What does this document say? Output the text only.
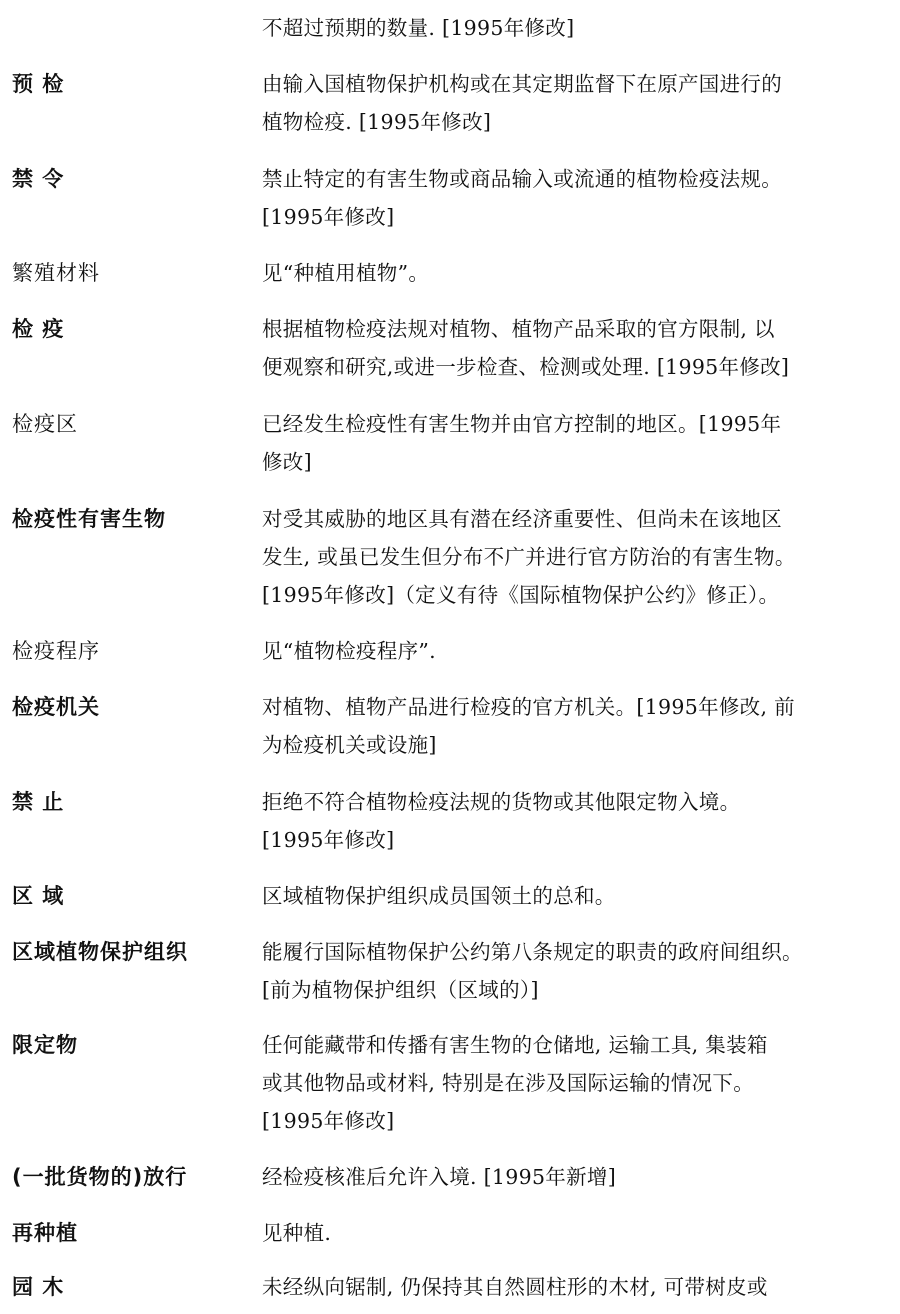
不超过预期的数量. [1995年修改]
预 检	由输入国植物保护机构或在其定期监督下在原产国进行的
植物检疫. [1995年修改]
禁 令	禁止特定的有害生物或商品输入或流通的植物检疫法规。
[1995年修改]
繁殖材料	见“种植用植物”。
检 疫	根据植物检疫法规对植物、植物产品采取的官方限制, 以
便观察和研究,或进一步检查、检测或处理. [1995年修改]
检疫区	已经发生检疫性有害生物并由官方控制的地区。[1995年
修改]
检疫性有害生物	对受其威胁的地区具有潜在经济重要性、但尚未在该地区
发生, 或虽已发生但分布不广并进行官方防治的有害生物。
[1995年修改]（定义有待《国际植物保护公约》修正）。
检疫程序	见“植物检疫程序”.
检疫机关	对植物、植物产品进行检疫的官方机关。[1995年修改, 前
为检疫机关或设施]
禁 止	拒绝不符合植物检疫法规的货物或其他限定物入境。
[1995年修改]
区 域	区域植物保护组织成员国领土的总和。
区域植物保护组织	能履行国际植物保护公约第八条规定的职责的政府间组织。
[前为植物保护组织（区域的）]
限定物	任何能藏带和传播有害生物的仓储地, 运输工具, 集装箱
或其他物品或材料, 特别是在涉及国际运输的情况下。
[1995年修改]
(一批货物的)放行	经检疫核准后允许入境. [1995年新增]
再种植	见种植.
园 木	未经纵向锯制, 仍保持其自然圆柱形的木材, 可带树皮或
